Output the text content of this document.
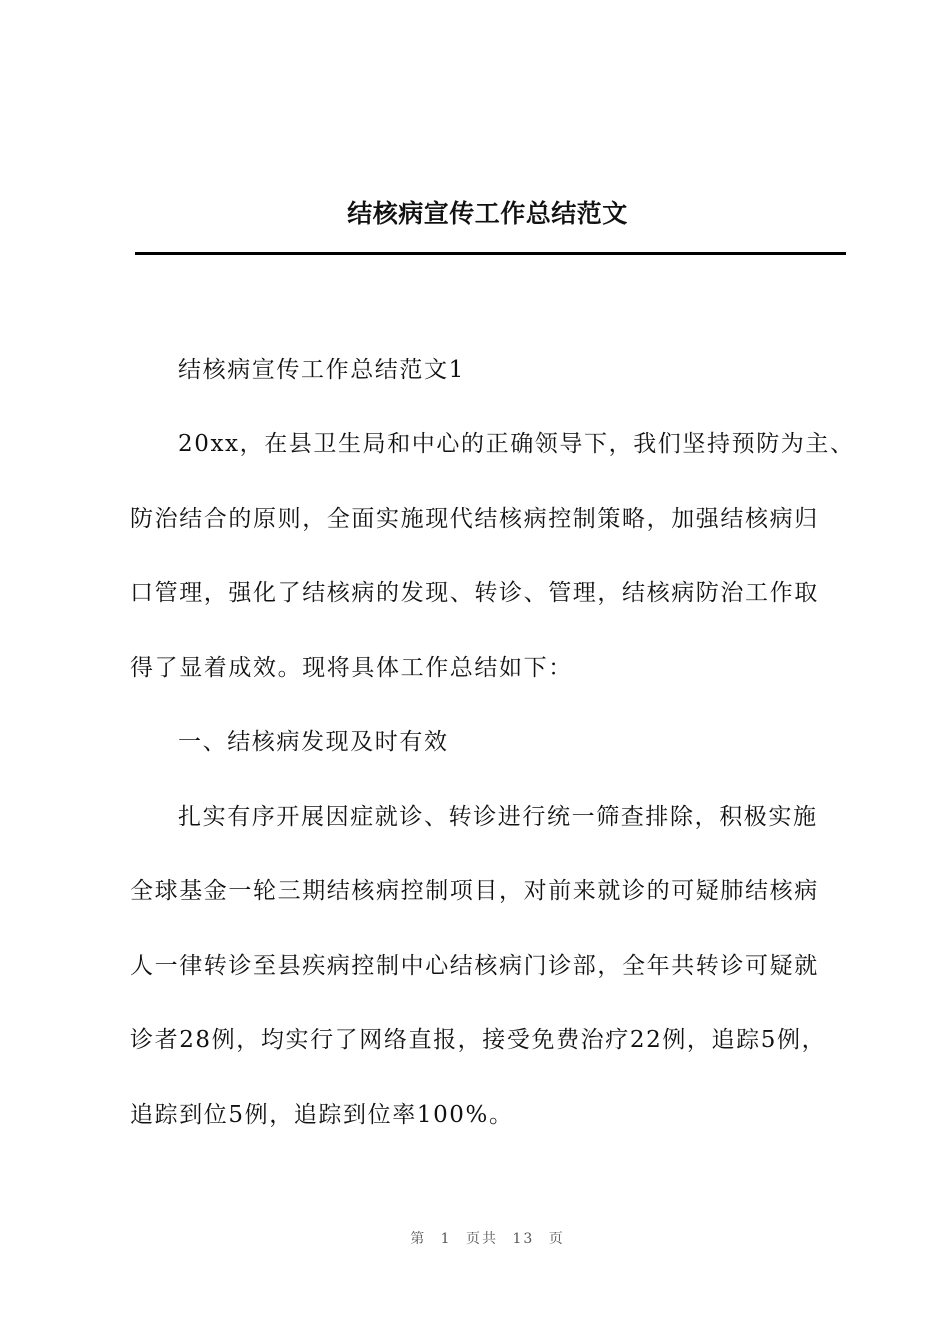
结核病宣传工作总结范文
结核病宣传工作总结范文1
20xx，在县卫生局和中心的正确领导下，我们坚持预防为主、
防治结合的原则，全面实施现代结核病控制策略，加强结核病归
口管理，强化了结核病的发现、转诊、管理，结核病防治工作取
得了显着成效。现将具体工作总结如下：
一、结核病发现及时有效
扎实有序开展因症就诊、转诊进行统一筛查排除，积极实施
全球基金一轮三期结核病控制项目，对前来就诊的可疑肺结核病
人一律转诊至县疾病控制中心结核病门诊部，全年共转诊可疑就
诊者28例，均实行了网络直报，接受免费治疗22例，追踪5例，
追踪到位5例，追踪到位率100%。
第 1 页共 13 页
